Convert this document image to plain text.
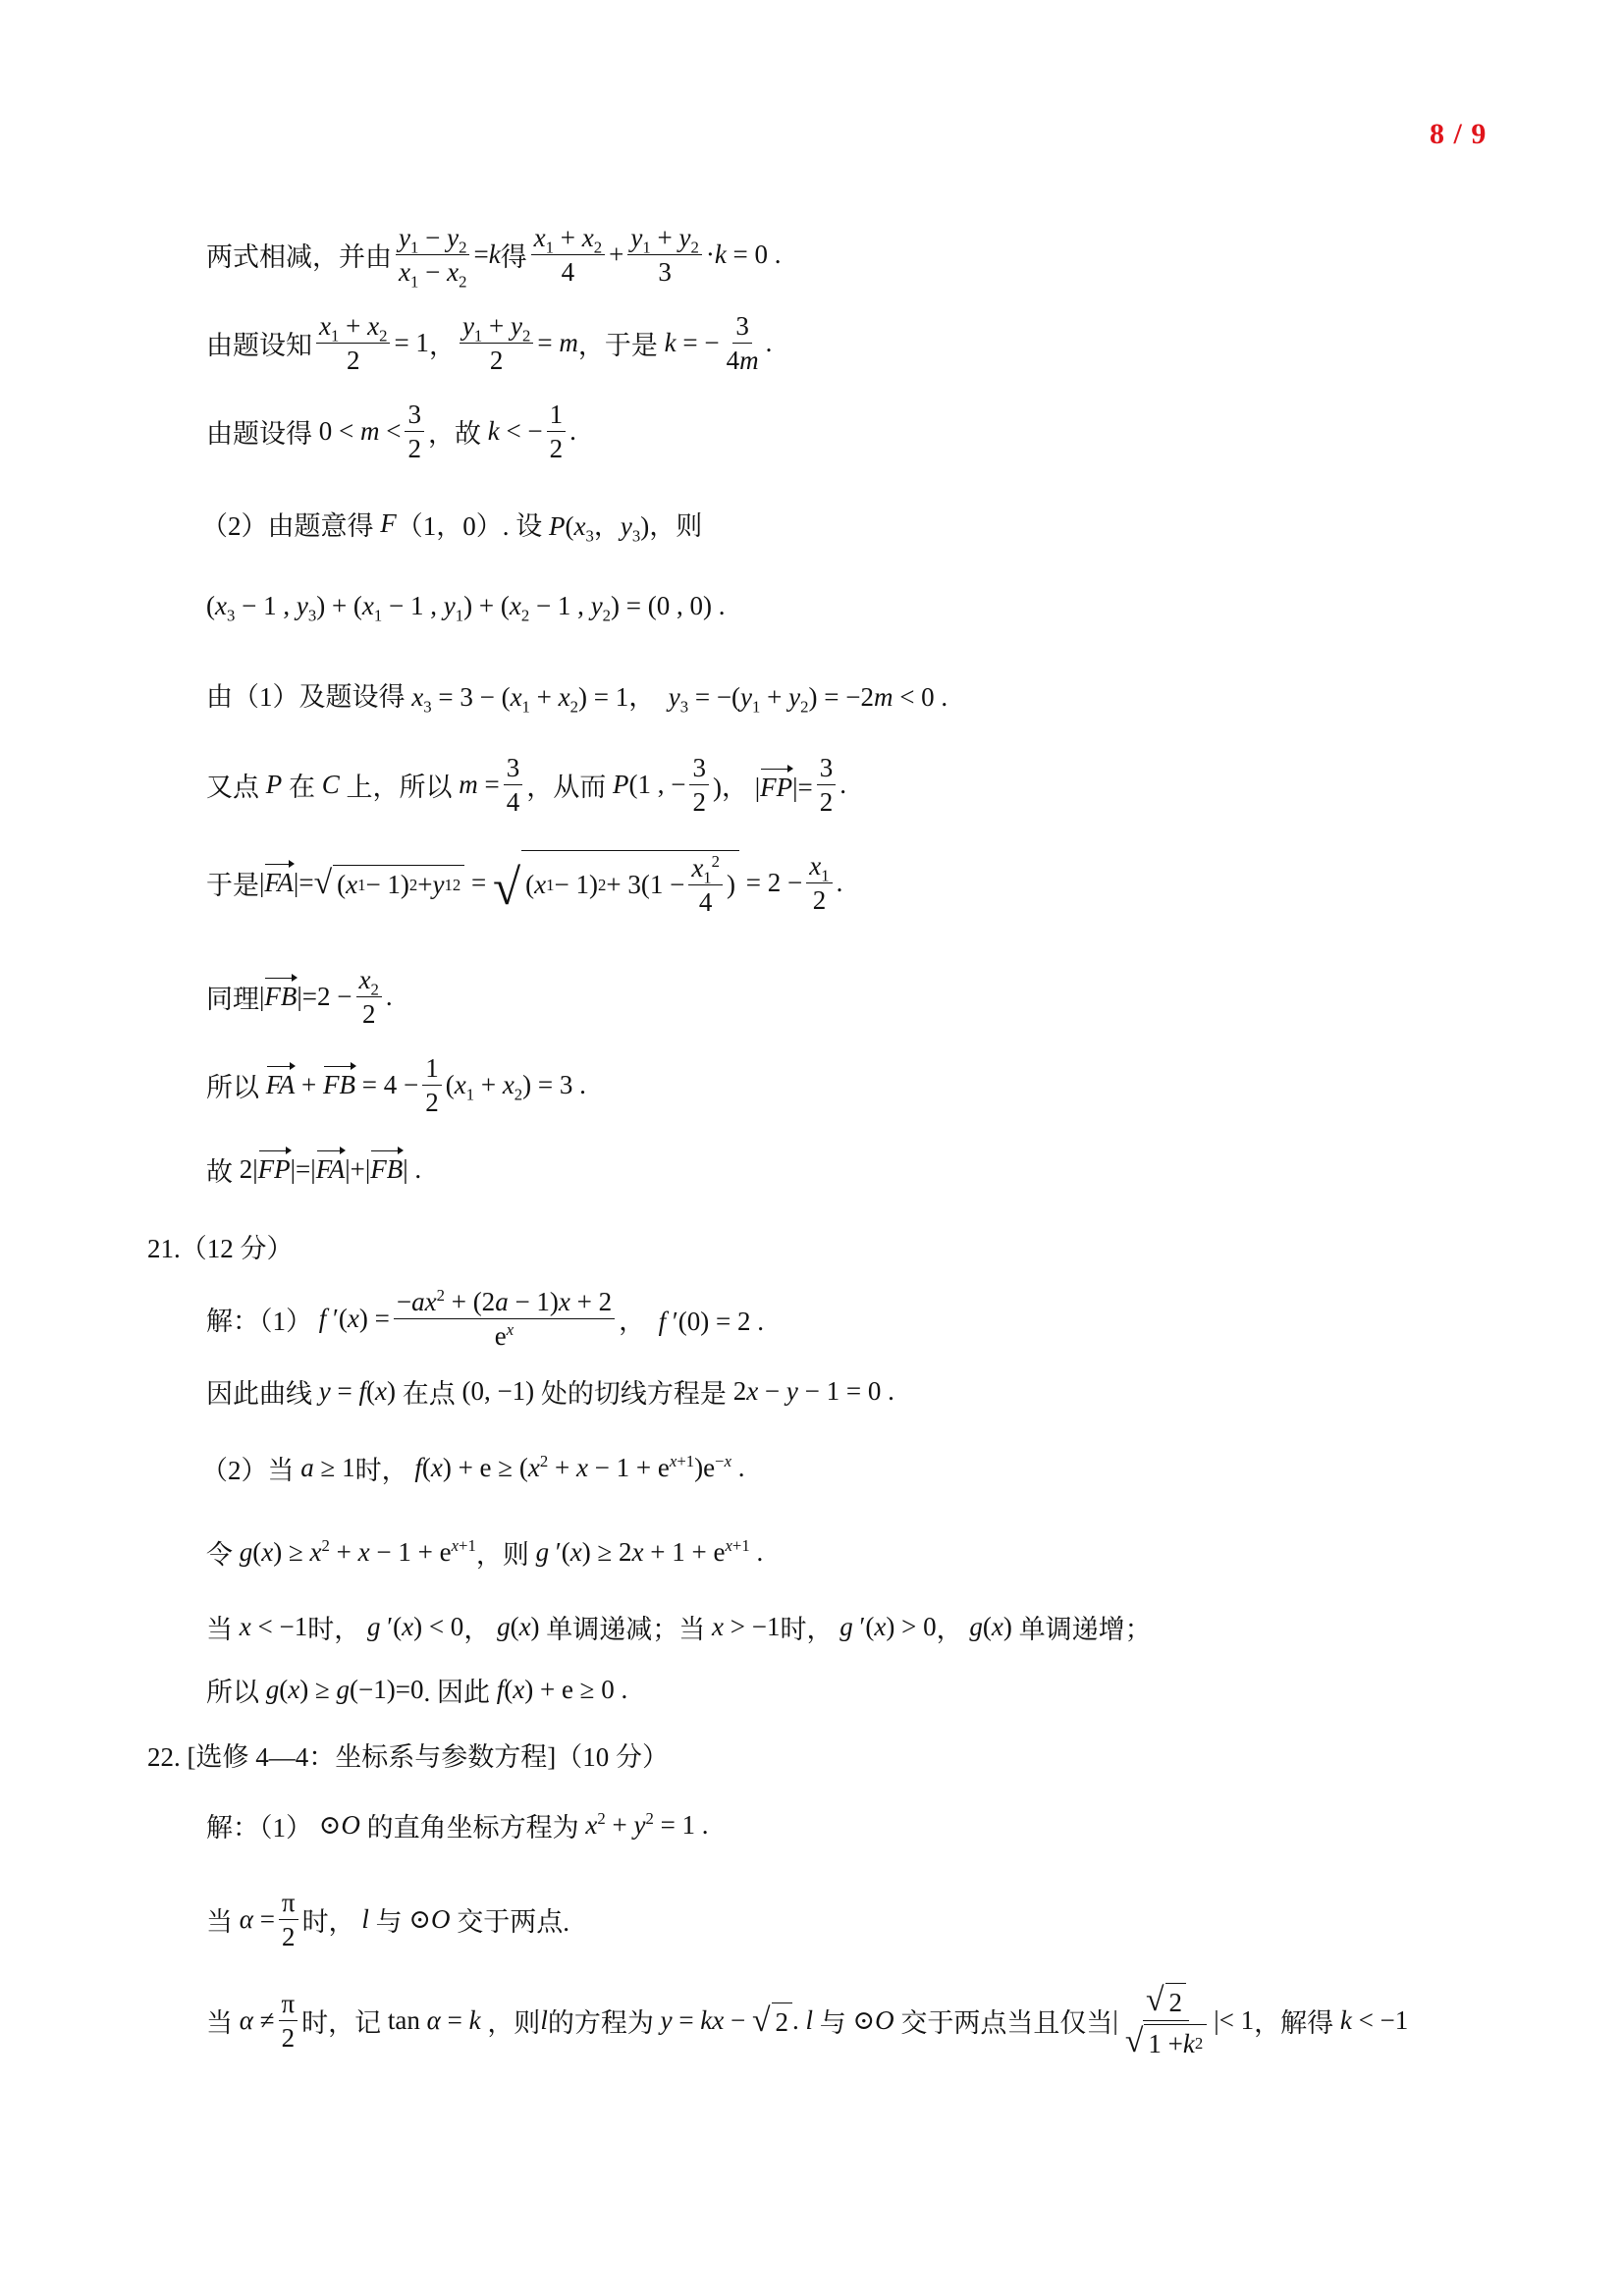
8 / 9
两式相减，并由 $\frac{y_1 - y_2}{x_1 - x_2} =k$ 得 $\frac{x_1 + x_2}{4} + \frac{y_1 + y_2}{3} \cdot k = 0$ .
由题设知 $\frac{x_1 + x_2}{2} = 1$ ， $\frac{y_1 + y_2}{2} = m$ ，于是 k = − $\frac{3}{4m}$ .
由题设得 $0 < m < \frac{3}{2}$ ，故 k < − $\frac{1}{2}$ .
（2）由题意得 F （1，0）. 设 $P(x_3$，$y_3$) ，则
($x_3 - 1$ , $y_3) + (x_1 - 1$ , $y_1) + (x_2 - 1$ , $y_2) = (0$ , 0) .
由（1）及题设得 $x_3 = 3 - (x_1 + x_2) = 1$，  $y_3 = -(y_1 + y_2) = -2m < 0$ .
又点 P 在 C 上，所以 $m = \frac{3}{4}$ ，从而 P(1 , − $\frac{3}{2}$ )， $|FP|= \frac{3}{2}$ .
于是 |FA|= √ ( x 1 − 1) 2 + y 1 2 = √ ( x 1 − 1) $2 + 3(1 - \frac{x_1^2}{4}$ ) = $2 - \frac{x_1}{2}$ .
同理 $|FB|=2 - \frac{x_2}{2}$ .
所以 FA + FB = $4 - \frac{1}{2} (x_1 + x_2) = 3$ .
故 2|FP|=|FA|+|FB| .
21.（12 分）
解：（1） f $'(x) = \frac{-ax^2 + (2a - 1)x + 2}{e^x}$ ，  f ′(0) = 2 .
因此曲线 y = f(x) 在点 (0, −1) 处的切线方程是 2x − y − 1 = 0 .
（2）当 a ≥ 1 时， $f(x) + e \ge (x^2 + x - 1 + e^{x+1})e^{-x}$ .
令 $g(x) \ge x^2 + x - 1 + e^{x+1}$ ，则 g $'(x) \ge 2x + 1 + e^{x+1}$ .
当 x < −1 时， g ′(x) < 0 ， g(x) 单调递减；当 x > −1 时， g ′(x) > 0 ， g(x) 单调递增；
所以 g(x) ≥ g(−1)=0 . 因此 f(x) + e ≥ 0 .
22. [选修 4—4：坐标系与参数方程]（10 分）
解：（1） ⊙O 的直角坐标方程为 $x^2 + y^2 = 1$ .
当 $\alpha = \frac{\pi}{2}$ 时， l 与 ⊙O 交于两点.
当 $\alpha \ne \frac{\pi}{2}$ 时，记 tan α = k ，则 l 的方程为 y = kx − √ 2 . l 与 ⊙O 交于两点当且仅当 | $\frac{√ 2}{√ 1 + k 2}$ |< 1 ，解得 k < −1
